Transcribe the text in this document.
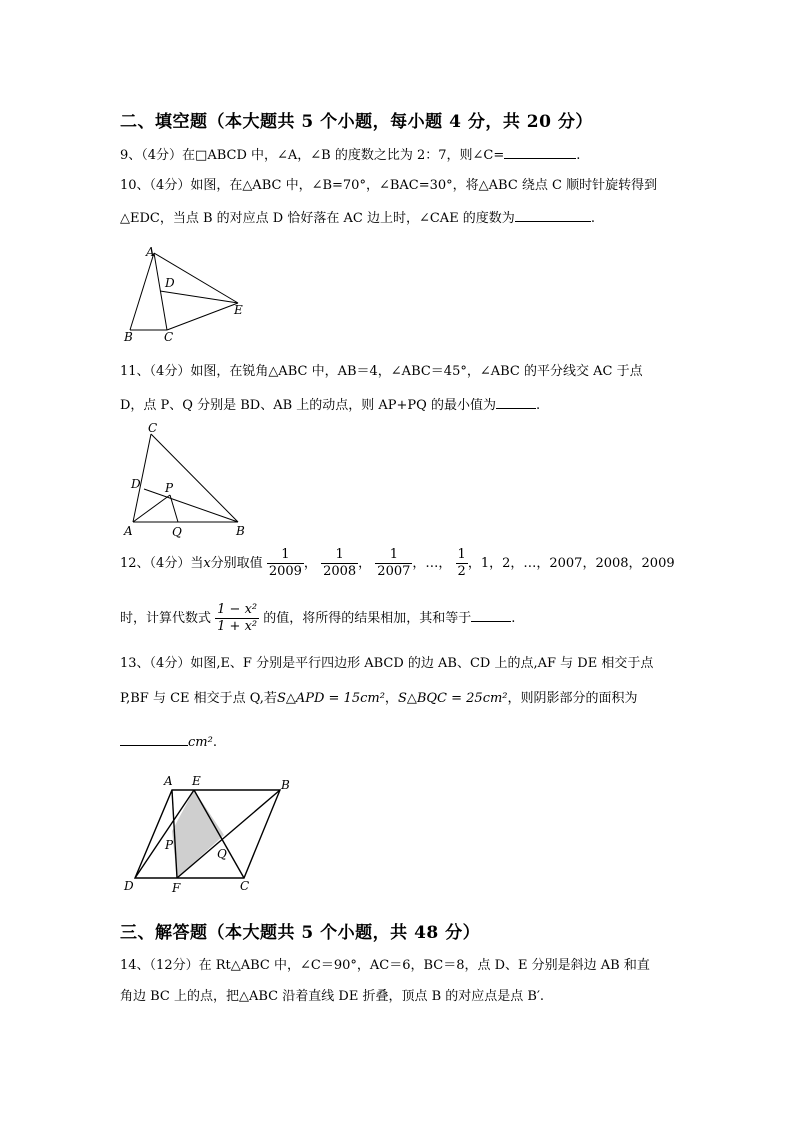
二、填空题（本大题共 5 个小题，每小题 4 分，共 20 分）
9、（4分）在□ABCD 中，∠A，∠B 的度数之比为 2：7，则∠C=	.
10、（4分）如图，在△ABC 中，∠B=70°，∠BAC=30°，将△ABC 绕点 C 顺时针旋转得到
△EDC，当点 B 的对应点 D 恰好落在 AC 边上时，∠CAE 的度数为	.
A
D
E
B	C
11、（4分）如图，在锐角△ABC 中，AB＝4，∠ABC＝45°，∠ABC 的平分线交 AC 于点
D，点 P、Q 分别是 BD、AB 上的动点，则 AP+PQ 的最小值为	.
C
D P
A	Q	B
12、（4分）当x分别取值 $\frac{1}{2009}$ ， $\frac{1}{2008}$ ， $\frac{1}{2007}$ ，…， $\frac{1}{2}$ ，1，2，…，2007，2008，2009
时，计算代数式 $\frac{\text{1 − x²}}{\text{1 + x²}}$ 的值，将所得的结果相加，其和等于	.
13、（4分）如图,E、F 分别是平行四边形 ABCD 的边 AB、CD 上的点,AF 与 DE 相交于点
P,BF 与 CE 相交于点 Q,若S△APD = 15cm²，S△BQC = 25cm²，则阴影部分的面积为
cm².
A E	B
P
Q
D	F	C
三、解答题（本大题共 5 个小题，共 48 分）
14、（12分）在 Rt△ABC 中，∠C＝90°，AC＝6，BC＝8，点 D、E 分别是斜边 AB 和直
角边 BC 上的点，把△ABC 沿着直线 DE 折叠，顶点 B 的对应点是点 B′.
